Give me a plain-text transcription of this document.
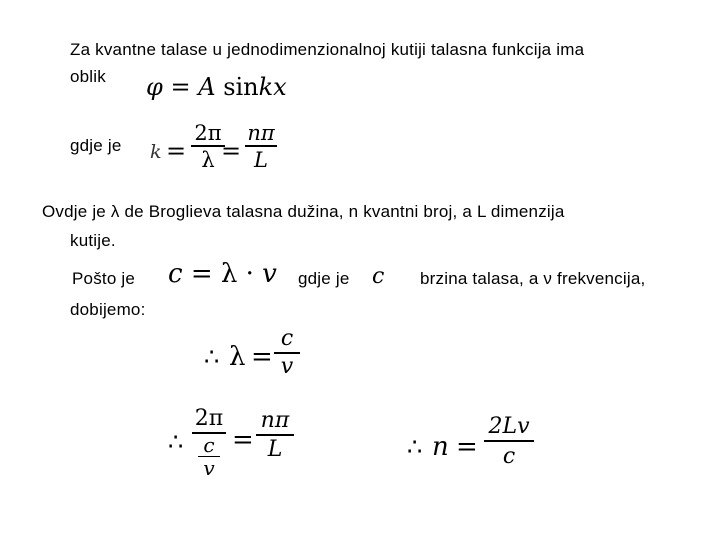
Za kvantne talase u jednodimenzionalnoj kutiji talasna funkcija ima
oblik φ = A sinkx
gdje je k =
2π
λ =
nπ
L
Ovdje je λ de Broglieva talasna dužina, n kvantni broj, a L dimenzija
kutije.
Pošto je c = λ · v gdje je c brzina talasa, a ν frekvencija,
dobijemo:
∴ λ =
c
v
∴
2π
c
v
=
nπ
L	∴ n =
2Lv
c
